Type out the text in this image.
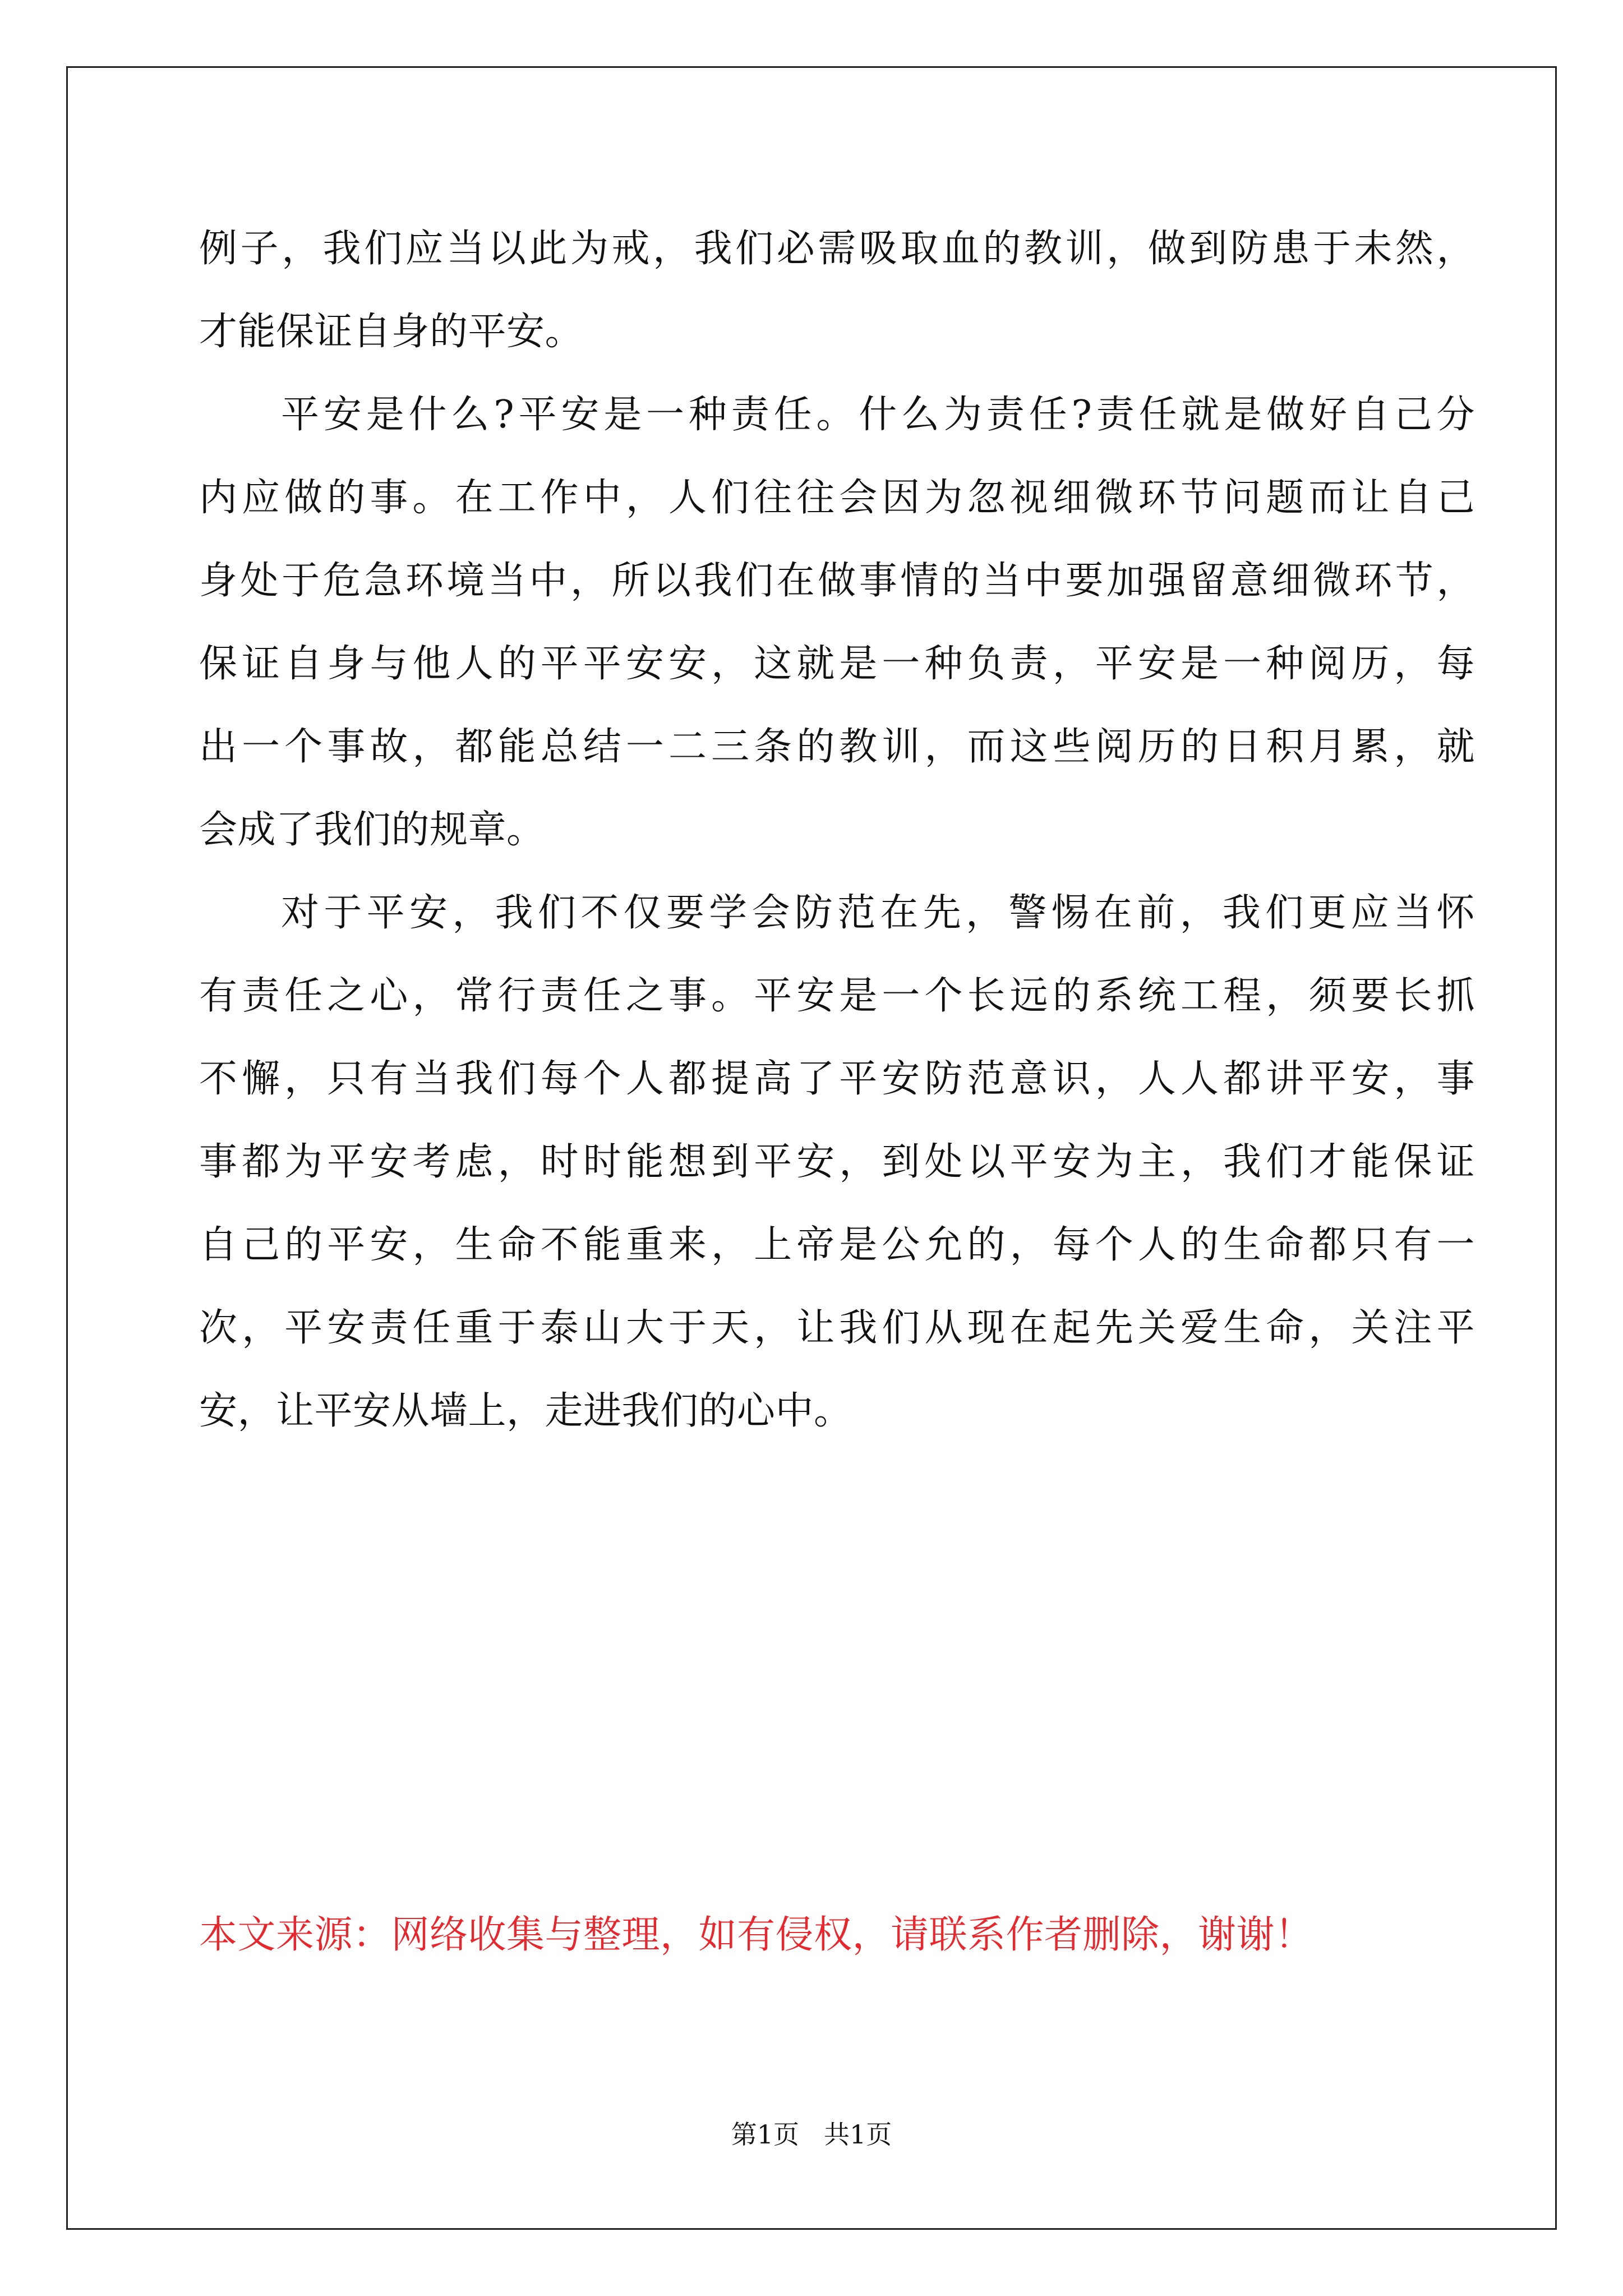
例子，我们应当以此为戒，我们必需吸取血的教训，做到防患于未然，
才能保证自身的平安。
平安是什么?平安是一种责任。什么为责任?责任就是做好自己分
内应做的事。在工作中，人们往往会因为忽视细微环节问题而让自己
身处于危急环境当中，所以我们在做事情的当中要加强留意细微环节，
保证自身与他人的平平安安，这就是一种负责，平安是一种阅历，每
出一个事故，都能总结一二三条的教训，而这些阅历的日积月累，就
会成了我们的规章。
对于平安，我们不仅要学会防范在先，警惕在前，我们更应当怀
有责任之心，常行责任之事。平安是一个长远的系统工程，须要长抓
不懈，只有当我们每个人都提高了平安防范意识，人人都讲平安，事
事都为平安考虑，时时能想到平安，到处以平安为主，我们才能保证
自己的平安，生命不能重来，上帝是公允的，每个人的生命都只有一
次，平安责任重于泰山大于天，让我们从现在起先关爱生命，关注平
安，让平安从墙上，走进我们的心中。
本文来源：网络收集与整理，如有侵权，请联系作者删除，谢谢！
第1页 共1页
